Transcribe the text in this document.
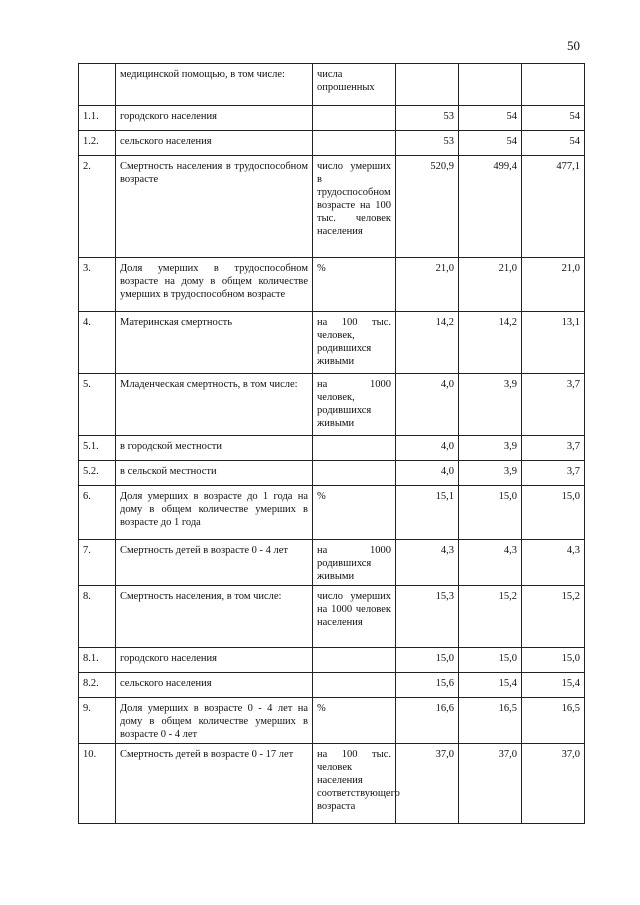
50
	медицинской помощью, в том числе:	числа опрошенных			
1.1.	городского населения		53	54	54
1.2.	сельского населения		53	54	54
2.	Смертность населения в трудоспособном возрасте	число умерших в трудоспособном возрасте на 100 тыс. человек населения	520,9	499,4	477,1
3.	Доля умерших в трудоспособном возрасте на дому в общем количестве умерших в трудоспособном возрасте	%	21,0	21,0	21,0
4.	Материнская смертность	на 100 тыс. человек, родившихся живыми	14,2	14,2	13,1
5.	Младенческая смертность, в том числе:	на 1000 человек, родившихся живыми	4,0	3,9	3,7
5.1.	в городской местности		4,0	3,9	3,7
5.2.	в сельской местности		4,0	3,9	3,7
6.	Доля умерших в возрасте до 1 года на дому в общем количестве умерших в возрасте до 1 года	%	15,1	15,0	15,0
7.	Смертность детей в возрасте 0 - 4 лет	на 1000 родившихся живыми	4,3	4,3	4,3
8.	Смертность населения, в том числе:	число умерших на 1000 человек населения	15,3	15,2	15,2
8.1.	городского населения		15,0	15,0	15,0
8.2.	сельского населения		15,6	15,4	15,4
9.	Доля умерших в возрасте 0 - 4 лет на дому в общем количестве умерших в возрасте 0 - 4 лет	%	16,6	16,5	16,5
10.	Смертность детей в возрасте 0 - 17 лет	на 100 тыс. человек населения соответствующего возраста	37,0	37,0	37,0
